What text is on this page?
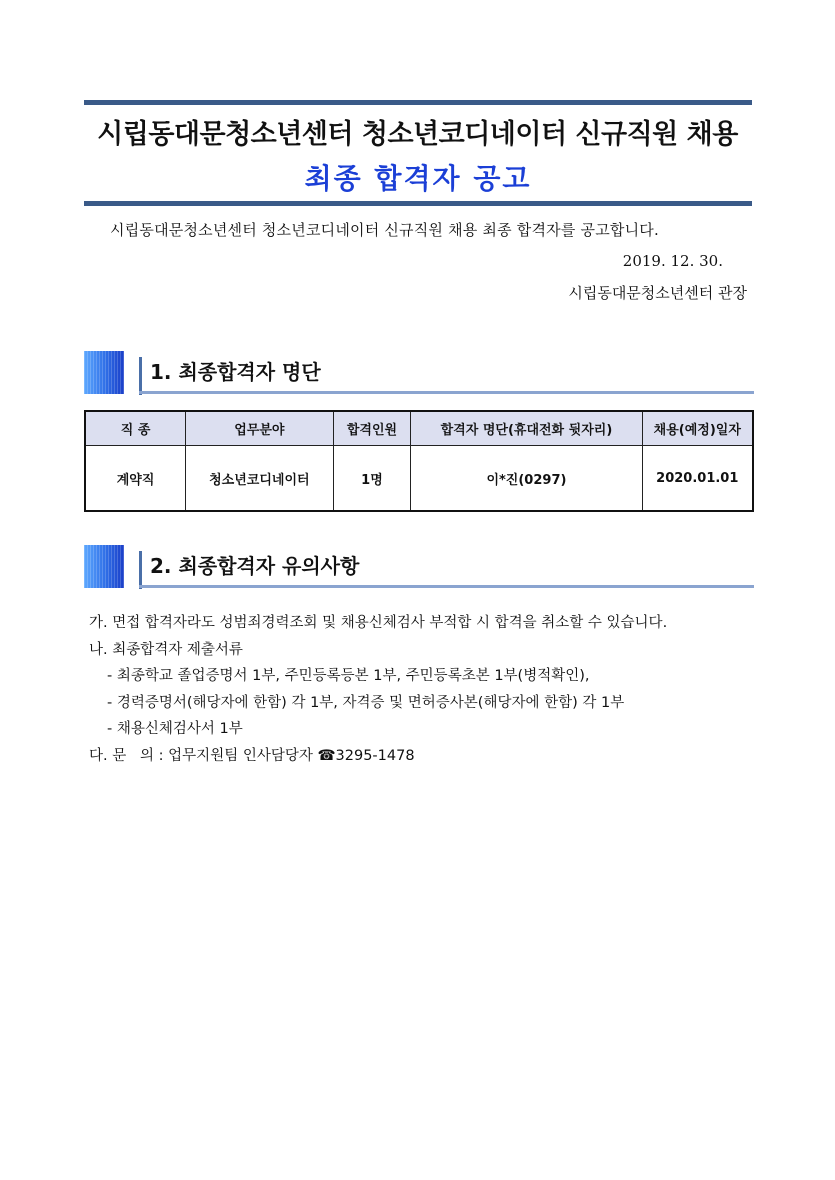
시립동대문청소년센터 청소년코디네이터 신규직원 채용
최종 합격자 공고
시립동대문청소년센터 청소년코디네이터 신규직원 채용 최종 합격자를 공고합니다.
2019. 12. 30.
시립동대문청소년센터 관장
1. 최종합격자 명단
직 종	업무분야	합격인원	합격자 명단(휴대전화 뒷자리)	채용(예정)일자
계약직	청소년코디네이터	1명	이*진(0297)	2020.01.01
2. 최종합격자 유의사항
가. 면접 합격자라도 성범죄경력조회 및 채용신체검사 부적합 시 합격을 취소할 수 있습니다.
나. 최종합격자 제출서류
- 최종학교 졸업증명서 1부, 주민등록등본 1부, 주민등록초본 1부(병적확인),
- 경력증명서(해당자에 한함) 각 1부, 자격증 및 면허증사본(해당자에 한함) 각 1부
- 채용신체검사서 1부
다. 문   의 : 업무지원팀 인사담당자 ☎3295-1478
